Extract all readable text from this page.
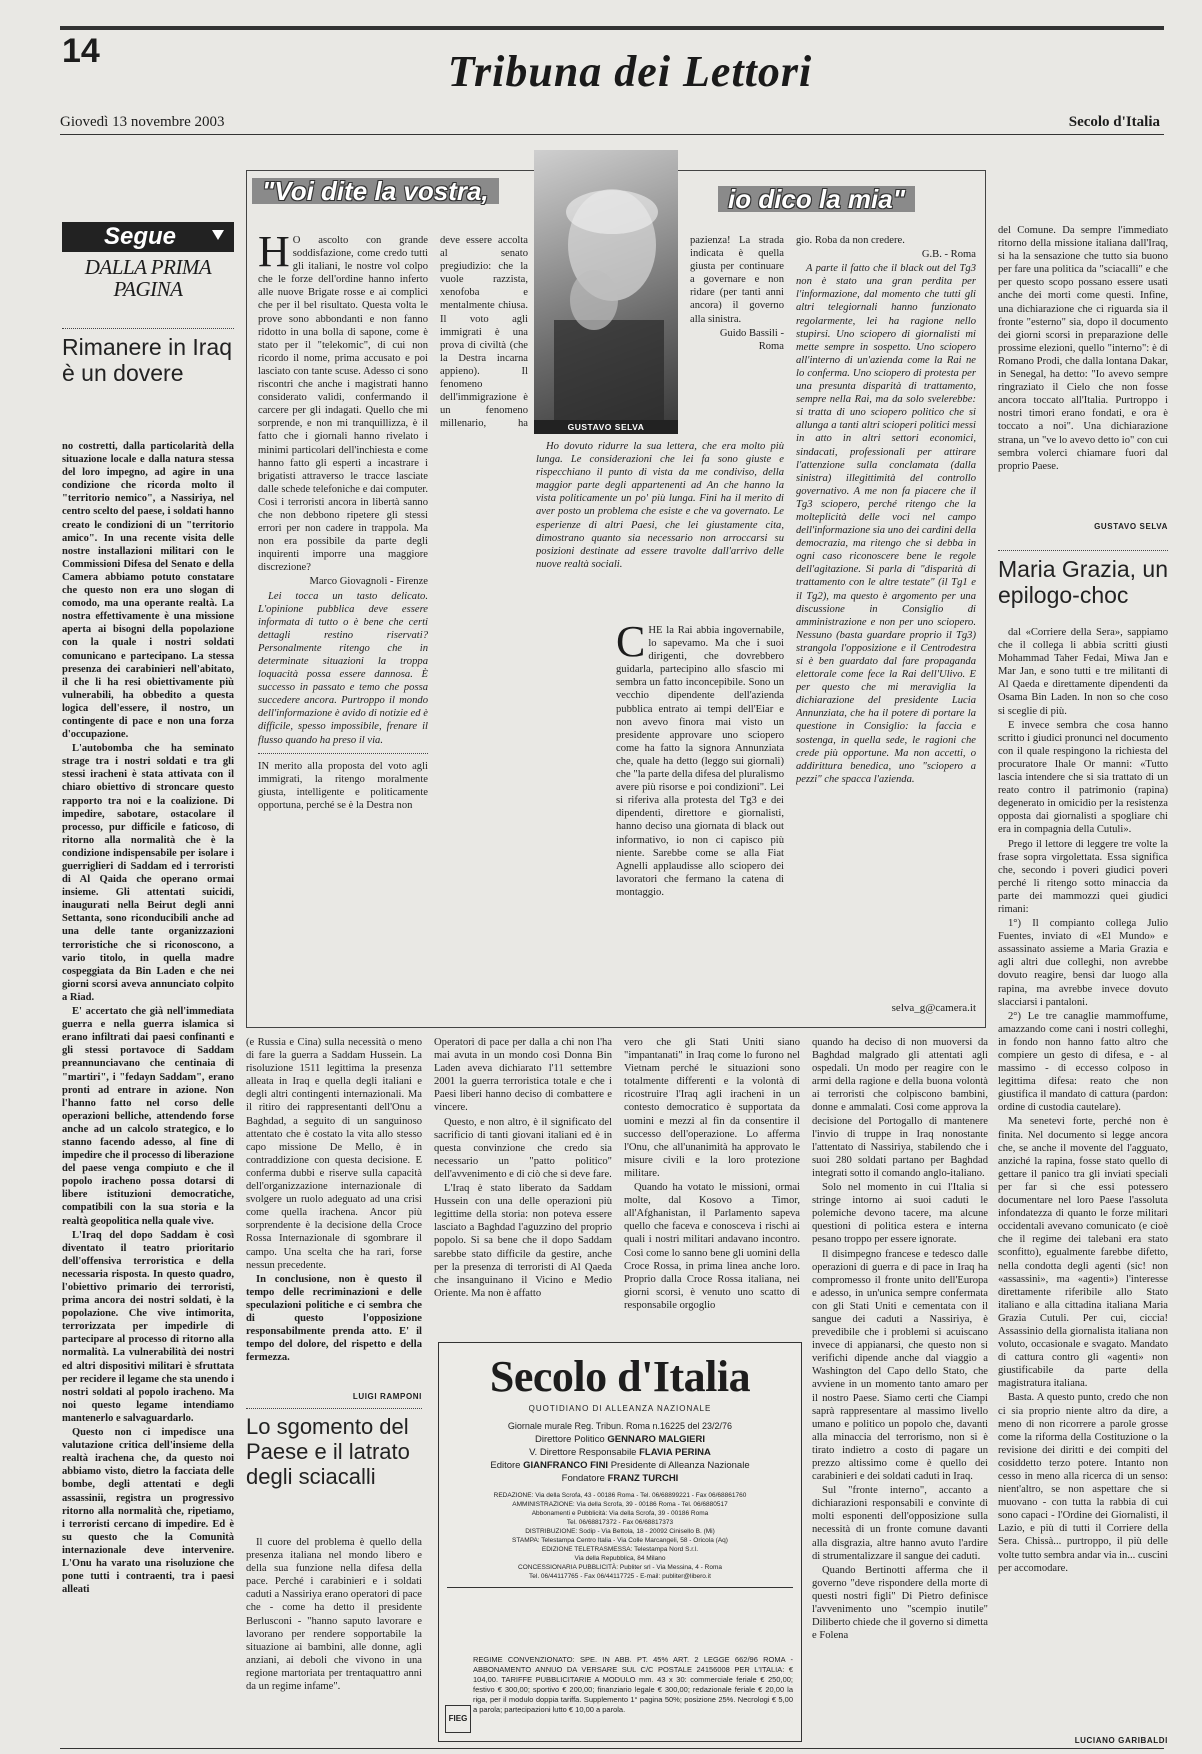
14	Tribuna dei Lettori
Giovedì 13 novembre 2003	Secolo d'Italia
Segue
DALLA PRIMA PAGINA
Rimanere in Iraq è un dovere

no costretti, dalla particolarità della situazione locale e dalla natura stessa del loro impegno, ad agire in una condizione che ricorda molto il "territorio nemico", a Nassiriya, nel centro scelto del paese, i soldati hanno creato le condizioni di un "territorio amico". In una recente visita delle nostre installazioni militari con le Commissioni Difesa del Senato e della Camera abbiamo potuto constatare che questo non era uno slogan di comodo, ma una operante realtà. La nostra effettivamente è una missione aperta ai bisogni della popolazione con la quale i nostri soldati comunicano e partecipano. La stessa presenza dei carabinieri nell'abitato, il che li ha resi obiettivamente più vulnerabili, ha obbedito a questa logica dell'essere, il nostro, un contingente di pace e non una forza d'occupazione.

L'autobomba che ha seminato strage tra i nostri soldati e tra gli stessi iracheni è stata attivata con il chiaro obiettivo di stroncare questo rapporto tra noi e la coalizione. Di impedire, sabotare, ostacolare il processo, pur difficile e faticoso, di ritorno alla normalità che è la condizione indispensabile per isolare i guerriglieri di Saddam ed i terroristi di Al Qaida che operano ormai insieme. Gli attentati suicidi, inaugurati nella Beirut degli anni Settanta, sono riconducibili anche ad una delle tante organizzazioni terroristiche che si riconoscono, a vario titolo, in quella madre cospeggiata da Bin Laden e che nei giorni scorsi aveva annunciato colpito a Riad.

E' accertato che già nell'immediata guerra e nella guerra islamica si erano infiltrati dai paesi confinanti e gli stessi portavoce di Saddam preannunciavano che centinaia di "martiri", i "fedayn Saddam", erano pronti ad entrare in azione. Non l'hanno fatto nel corso delle operazioni belliche, attendendo forse anche ad un calcolo strategico, e lo stanno facendo adesso, al fine di impedire che il processo di liberazione del paese venga compiuto e che il popolo iracheno possa dotarsi di libere istituzioni democratiche, compatibili con la sua storia e la realtà geopolitica nella quale vive.

L'Iraq del dopo Saddam è così diventato il teatro prioritario dell'offensiva terroristica e della necessaria risposta. In questo quadro, l'obiettivo primario dei terroristi, prima ancora dei nostri soldati, è la popolazione. Che vive intimorita, terrorizzata per impedirle di partecipare al processo di ritorno alla normalità. La vulnerabilità dei nostri ed altri dispositivi militari è sfruttata per recidere il legame che sta unendo i nostri soldati al popolo iracheno. Ma noi questo legame intendiamo mantenerlo e salvaguardarlo.

Questo non ci impedisce una valutazione critica dell'insieme della realtà irachena che, da questo noi abbiamo visto, dietro la facciata delle bombe, degli attentati e degli assassinii, registra un progressivo ritorno alla normalità che, ripetiamo, i terroristi cercano di impedire. Ed è su questo che la Comunità internazionale deve intervenire. L'Onu ha varato una risoluzione che pone tutti i contraenti, tra i paesi alleati

"Voi dite la vostra,	io dico la mia"
GUSTAVO SELVA

H O ascolto con grande soddisfazione, come credo tutti gli italiani, le nostre vol colpo che le forze dell'ordine hanno inferto alle nuove Brigate rosse e ai complici che per il bel risultato. Questa volta le prove sono abbondanti e non fanno ridotto in una bolla di sapone, come è stato per il "telekomic", di cui non ricordo il nome, prima accusato e poi lasciato con tante scuse. Adesso ci sono riscontri che anche i magistrati hanno considerato validi, confermando il carcere per gli indagati. Quello che mi sorprende, e non mi tranquillizza, è il fatto che i giornali hanno rivelato i minimi particolari dell'inchiesta e come hanno fatto gli esperti a incastrare i brigatisti attraverso le tracce lasciate dalle schede telefoniche e dai computer. Così i terroristi ancora in libertà sanno che non debbono ripetere gli stessi errori per non cadere in trappola. Ma non era possibile da parte degli inquirenti imporre una maggiore discrezione?

Marco Giovagnoli - Firenze

Lei tocca un tasto delicato. L'opinione pubblica deve essere informata di tutto o è bene che certi dettagli restino riservati? Personalmente ritengo che in determinate situazioni la troppa loquacità possa essere dannosa. È successo in passato e temo che possa succedere ancora. Purtroppo il mondo dell'informazione è avido di notizie ed è difficile, spesso impossibile, frenare il flusso quando ha preso il via.

IN merito alla proposta del voto agli immigrati, la ritengo moralmente giusta, intelligente e politicamente opportuna, perché se è la Destra non

deve essere accolta al senato pregiudizio: che la vuole razzista, xenofoba e mentalmente chiusa. Il voto agli immigrati è una prova di civiltà (che la Destra incarna appieno). Il fenomeno dell'immigrazione è un fenomeno millenario, ha

pazienza! La strada indicata è quella giusta per continuare a governare e non ridare (per tanti anni ancora) il governo alla sinistra.

Guido Bassili - Roma

Ho dovuto ridurre la sua lettera, che era molto più lunga. Le considerazioni che lei fa sono giuste e rispecchiano il punto di vista da me condiviso, della maggior parte degli appartenenti ad An che hanno la vista politicamente un po' più lunga. Fini ha il merito di aver posto un problema che esiste e che va governato. Le esperienze di altri Paesi, che lei giustamente cita, dimostrano quanto sia necessario non arroccarsi su posizioni destinate ad essere travolte dall'arrivo delle nuove realtà sociali.

CHE la Rai abbia ingovernabile, lo sapevamo. Ma che i suoi dirigenti, che dovrebbero guidarla, partecipino allo sfascio mi sembra un fatto inconcepibile. Sono un vecchio dipendente dell'azienda pubblica entrato ai tempi dell'Eiar e non avevo finora mai visto un presidente approvare uno sciopero come ha fatto la signora Annunziata che, quale ha detto (leggo sui giornali) che "la parte della difesa del pluralismo avere più risorse e poi condizioni". Lei si riferiva alla protesta del Tg3 e dei dipendenti, direttore e giornalisti, hanno deciso una giornata di black out informativo, io non ci capisco più niente. Sarebbe come se alla Fiat Agnelli applaudisse allo sciopero dei lavoratori che fermano la catena di montaggio.

gio. Roba da non credere.

G.B. - Roma

A parte il fatto che il black out del Tg3 non è stato una gran perdita per l'informazione, dal momento che tutti gli altri telegiornali hanno funzionato regolarmente, lei ha ragione nello stupirsi. Uno sciopero di giornalisti mi mette sempre in sospetto. Uno sciopero all'interno di un'azienda come la Rai ne lo conferma. Uno sciopero di protesta per una presunta disparità di trattamento, sempre nella Rai, ma da solo svelerebbe: si tratta di uno sciopero politico che si allunga a tanti altri scioperi politici messi in atto in altri settori economici, sindacati, professionali per attirare l'attenzione sulla conclamata (dalla sinistra) illegittimità del controllo governativo. A me non fa piacere che il Tg3 sciopero, perché ritengo che la molteplicità delle voci nel campo dell'informazione sia uno dei cardini della democrazia, ma ritengo che si debba in ogni caso riconoscere bene le regole dell'agitazione. Si parla di "disparità di trattamento con le altre testate" (il Tg1 e il Tg2), ma questo è argomento per una discussione in Consiglio di amministrazione e non per uno sciopero. Nessuno (basta guardare proprio il Tg3) strangola l'opposizione e il Centrodestra si è ben guardato dal fare propaganda elettorale come fece la Rai dell'Ulivo. E per questo che mi meraviglia la dichiarazione del presidente Lucia Annunziata, che ha il potere di portare la questione in Consiglio: la faccia e sostenga, in quella sede, le ragioni che crede più opportune. Ma non accetti, o addirittura benedica, uno "sciopero a pezzi" che spacca l'azienda.

selva_g@camera.it

del Comune. Da sempre l'immediato ritorno della missione italiana dall'Iraq, si ha la sensazione che tutto sia buono per fare una politica da "sciacalli" e che per questo scopo possano essere usati anche dei morti come questi. Infine, una dichiarazione che ci riguarda sia il fronte "esterno" sia, dopo il documento dei giorni scorsi in preparazione delle prossime elezioni, quello "interno": è di Romano Prodi, che dalla lontana Dakar, in Senegal, ha detto: "Io avevo sempre ringraziato il Cielo che non fosse ancora toccato all'Italia. Purtroppo i nostri timori erano fondati, e ora è toccato a noi". Una dichiarazione strana, un "ve lo avevo detto io" con cui sembra volerci chiamare fuori dal proprio Paese.

GUSTAVO SELVA
Maria Grazia, un epilogo-choc

dal «Corriere della Sera», sappiamo che il collega li abbia scritti giusti Mohammad Taher Fedai, Miwa Jan e Mar Jan, e sono tutti e tre militanti di Al Qaeda e direttamente dipendenti da Osama Bin Laden. In non so che coso si sceglie di più.

E invece sembra che cosa hanno scritto i giudici pronunci nel documento con il quale respingono la richiesta del procuratore Ihale Or manni: «Tutto lascia intendere che si sia trattato di un reato contro il patrimonio (rapina) degenerato in omicidio per la resistenza opposta dai giornalisti a spogliare chi era in compagnia della Cutuli».

Prego il lettore di leggere tre volte la frase sopra virgolettata. Essa significa che, secondo i poveri giudici poveri perché li ritengo sotto minaccia da parte dei mammozzi quei giudici rimani:

1°) Il compianto collega Julio Fuentes, inviato di «El Mundo» e assassinato assieme a Maria Grazia e agli altri due colleghi, non avrebbe dovuto reagire, bensì dar luogo alla rapina, ma avrebbe invece dovuto slacciarsi i pantaloni.

2°) Le tre canaglie mammoffume, amazzando come cani i nostri colleghi, in fondo non hanno fatto altro che compiere un gesto di difesa, e - al massimo - di eccesso colposo in legittima difesa: reato che non giustifica il mandato di cattura (pardon: ordine di custodia cautelare).

Ma senetevi forte, perché non è finita. Nel documento si legge ancora che, se anche il movente del l'agguato, anziché la rapina, fosse stato quello di gettare il panico tra gli inviati speciali per far sì che essi potessero documentare nel loro Paese l'assoluta infondatezza di quanto le forze militari occidentali avevano comunicato (e cioè che il regime dei talebani era stato sconfitto), egualmente farebbe difetto, nella condotta degli agenti (sic! non «assassini», ma «agenti») l'interesse direttamente riferibile allo Stato italiano e alla cittadina italiana Maria Grazia Cutuli. Per cui, ciccia! Assassinio della giornalista italiana non voluto, occasionale e svagato. Mandato di cattura contro gli «agenti» non giustificabile da parte della magistratura italiana.

Basta. A questo punto, credo che non ci sia proprio niente altro da dire, a meno di non ricorrere a parole grosse come la riforma della Costituzione o la revisione dei diritti e dei compiti del cosiddetto terzo potere. Intanto non cesso in meno alla ricerca di un senso: nient'altro, se non aspettare che si muovano - con tutta la rabbia di cui sono capaci - l'Ordine dei Giornalisti, il Lazio, e più di tutti il Corriere della Sera. Chissà... purtroppo, il più delle volte tutto sembra andar via in... cuscini per accomodare.

LUCIANO GARIBALDI

(e Russia e Cina) sulla necessità o meno di fare la guerra a Saddam Hussein. La risoluzione 1511 legittima la presenza alleata in Iraq e quella degli italiani e degli altri contingenti internazionali. Ma il ritiro dei rappresentanti dell'Onu a Baghdad, a seguito di un sanguinoso attentato che è costato la vita allo stesso capo missione De Mello, è in contraddizione con questa decisione. E conferma dubbi e riserve sulla capacità dell'organizzazione internazionale di svolgere un ruolo adeguato ad una crisi come quella irachena. Ancor più sorprendente è la decisione della Croce Rossa Internazionale di sgombrare il campo. Una scelta che ha rari, forse nessun precedente.

In conclusione, non è questo il tempo delle recriminazioni e delle speculazioni politiche e ci sembra che di questo l'opposizione responsabilmente prenda atto. E' il tempo del dolore, del rispetto e della fermezza.

LUIGI RAMPONI

Operatori di pace per dalla a chi non l'ha mai avuta in un mondo così Donna Bin Laden aveva dichiarato l'11 settembre 2001 la guerra terroristica totale e che i Paesi liberi hanno deciso di combattere e vincere.

Questo, e non altro, è il significato del sacrificio di tanti giovani italiani ed è in questa convinzione che credo sia necessario un "patto politico" dell'avvenimento e di ciò che si deve fare.

L'Iraq è stato liberato da Saddam Hussein con una delle operazioni più legittime della storia: non poteva essere lasciato a Baghdad l'aguzzino del proprio popolo. Si sa bene che il dopo Saddam sarebbe stato difficile da gestire, anche per la presenza di terroristi di Al Qaeda che insanguinano il Vicino e Medio Oriente. Ma non è affatto

vero che gli Stati Uniti siano "impantanati" in Iraq come lo furono nel Vietnam perché le situazioni sono totalmente differenti e la volontà di ricostruire l'Iraq agli iracheni in un contesto democratico è supportata da uomini e mezzi al fin da consentire il successo dell'operazione. Lo afferma l'Onu, che all'unanimità ha approvato le misure civili e la loro protezione militare.

Quando ha votato le missioni, ormai molte, dal Kosovo a Timor, all'Afghanistan, il Parlamento sapeva quello che faceva e conosceva i rischi ai quali i nostri militari andavano incontro. Così come lo sanno bene gli uomini della Croce Rossa, in prima linea anche loro. Proprio dalla Croce Rossa italiana, nei giorni scorsi, è venuto uno scatto di responsabile orgoglio

quando ha deciso di non muoversi da Baghdad malgrado gli attentati agli ospedali. Un modo per reagire con le armi della ragione e della buona volontà ai terroristi che colpiscono bambini, donne e ammalati. Così come approva la decisione del Portogallo di mantenere l'invio di truppe in Iraq nonostante l'attentato di Nassiriya, stabilendo che i suoi 280 soldati partano per Baghdad integrati sotto il comando anglo-italiano.

Solo nel momento in cui l'Italia si stringe intorno ai suoi caduti le polemiche devono tacere, ma alcune questioni di politica estera e interna pesano troppo per essere ignorate.

Il disimpegno francese e tedesco dalle operazioni di guerra e di pace in Iraq ha compromesso il fronte unito dell'Europa e adesso, in un'unica sempre confermata con gli Stati Uniti e cementata con il sangue dei caduti a Nassiriya, è prevedibile che i problemi si acuiscano invece di appianarsi, che questo non si verifichi dipende anche dal viaggio a Washington del Capo dello Stato, che avviene in un momento tanto amaro per il nostro Paese. Siamo certi che Ciampi saprà rappresentare al massimo livello umano e politico un popolo che, davanti alla minaccia del terrorismo, non si è tirato indietro a costo di pagare un prezzo altissimo come è quello dei carabinieri e dei soldati caduti in Iraq.

Sul "fronte interno", accanto a dichiarazioni responsabili e convinte di molti esponenti dell'opposizione sulla necessità di un fronte comune davanti alla disgrazia, altre hanno avuto l'ardire di strumentalizzare il sangue dei caduti.

Quando Bertinotti afferma che il governo "deve rispondere della morte di questi nostri figli" Di Pietro definisce l'avvenimento uno "scempio inutile" Diliberto chiede che il governo si dimetta e Folena

Lo sgomento del Paese e il latrato degli sciacalli

Il cuore del problema è quello della presenza italiana nel mondo libero e della sua funzione nella difesa della pace. Perché i carabinieri e i soldati caduti a Nassiriya erano operatori di pace che - come ha detto il presidente Berlusconi - "hanno saputo lavorare e lavorano per rendere sopportabile la situazione ai bambini, alle donne, agli anziani, ai deboli che vivono in una regione martoriata per trentaquattro anni da un regime infame".

Secolo d'Italia
QUOTIDIANO DI ALLEANZA NAZIONALE
Giornale murale Reg. Tribun. Roma n.16225 del 23/2/76
Direttore Politico GENNARO MALGIERI
V. Direttore Responsabile FLAVIA PERINA
Editore GIANFRANCO FINI Presidente di Alleanza Nazionale
Fondatore FRANZ TURCHI
REDAZIONE: Via della Scrofa, 43 - 00186 Roma - Tel. 06/68899221 - Fax 06/68861760
AMMINISTRAZIONE: Via della Scrofa, 39 - 00186 Roma - Tel. 06/6880517
Abbonamenti e Pubblicità: Via della Scrofa, 39 - 00186 Roma
Tel. 06/68817372 - Fax 06/68817373
DISTRIBUZIONE: Sodip - Via Bettola, 18 - 20092 Cinisello B. (Mi)
STAMPA: Telestampa Centro Italia - Via Colle Marcangeli, 58 - Oricola (Aq)
EDIZIONE TELETRASMESSA: Telestampa Nord S.r.l.
Via della Repubblica, 84 Milano
CONCESSIONARIA PUBBLICITÀ: Publiter srl - Via Messina, 4 - Roma
Tel. 06/44117765 - Fax 06/44117725 - E-mail: publiter@libero.it
REGIME CONVENZIONATO: SPE. IN ABB. PT. 45% ART. 2 LEGGE 662/96 ROMA - ABBONAMENTO ANNUO DA VERSARE SUL C/C POSTALE 24156008 PER L'ITALIA: € 104,00. TARIFFE PUBBLICITARIE A MODULO mm. 43 x 30: commerciale feriale € 250,00; festivo € 300,00; sportivo € 200,00; finanziario legale € 300,00; redazionale feriale € 20,00 la riga, per il modulo doppia tariffa. Supplemento 1° pagina 50%; posizione 25%. Necrologi € 5,00 a parola; partecipazioni lutto € 10,00 a parola.
FIEG
